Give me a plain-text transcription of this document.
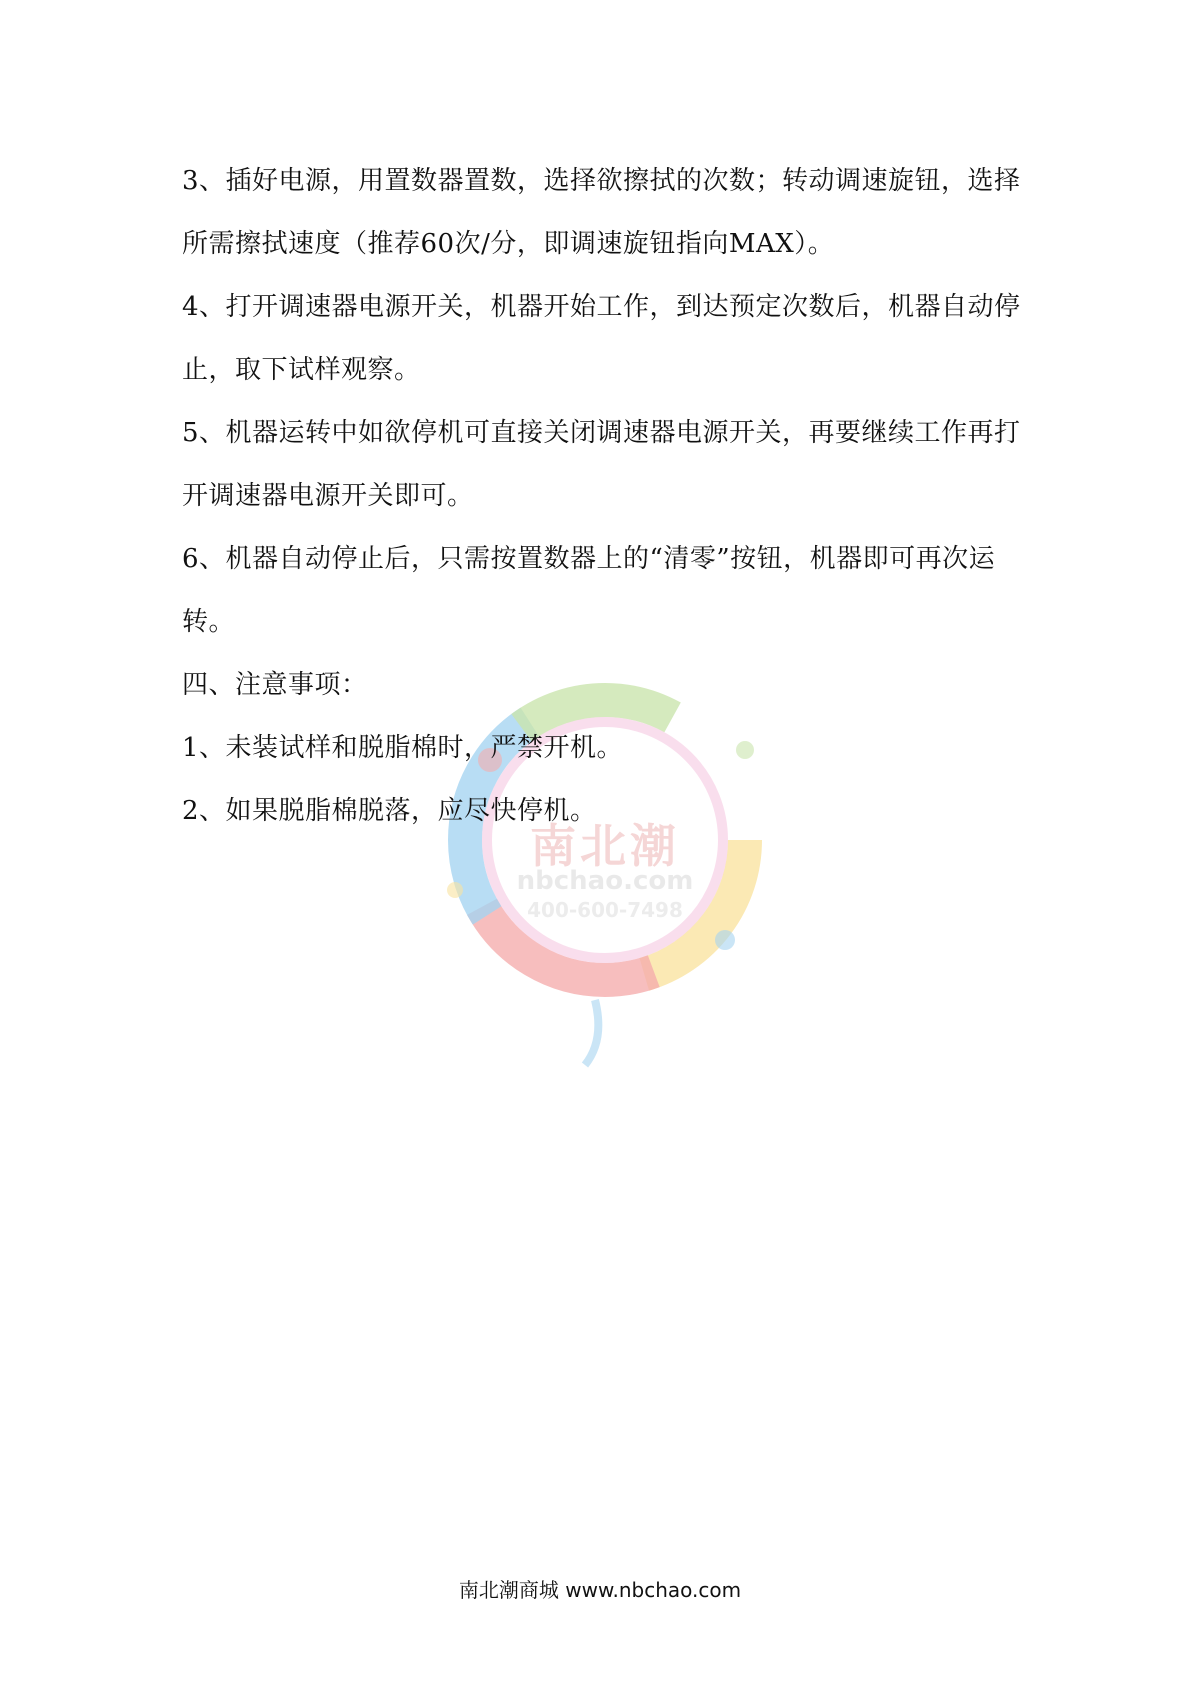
南北潮
nbchao.com
400-600-7498

3、插好电源，用置数器置数，选择欲擦拭的次数；转动调速旋钮，选择所需擦拭速度（推荐60次/分，即调速旋钮指向MAX）。

4、打开调速器电源开关，机器开始工作，到达预定次数后，机器自动停止，取下试样观察。

5、机器运转中如欲停机可直接关闭调速器电源开关，再要继续工作再打开调速器电源开关即可。

6、机器自动停止后，只需按置数器上的“清零”按钮，机器即可再次运转。

四、注意事项：

1、未装试样和脱脂棉时，严禁开机。

2、如果脱脂棉脱落，应尽快停机。

南北潮商城 www.nbchao.com
